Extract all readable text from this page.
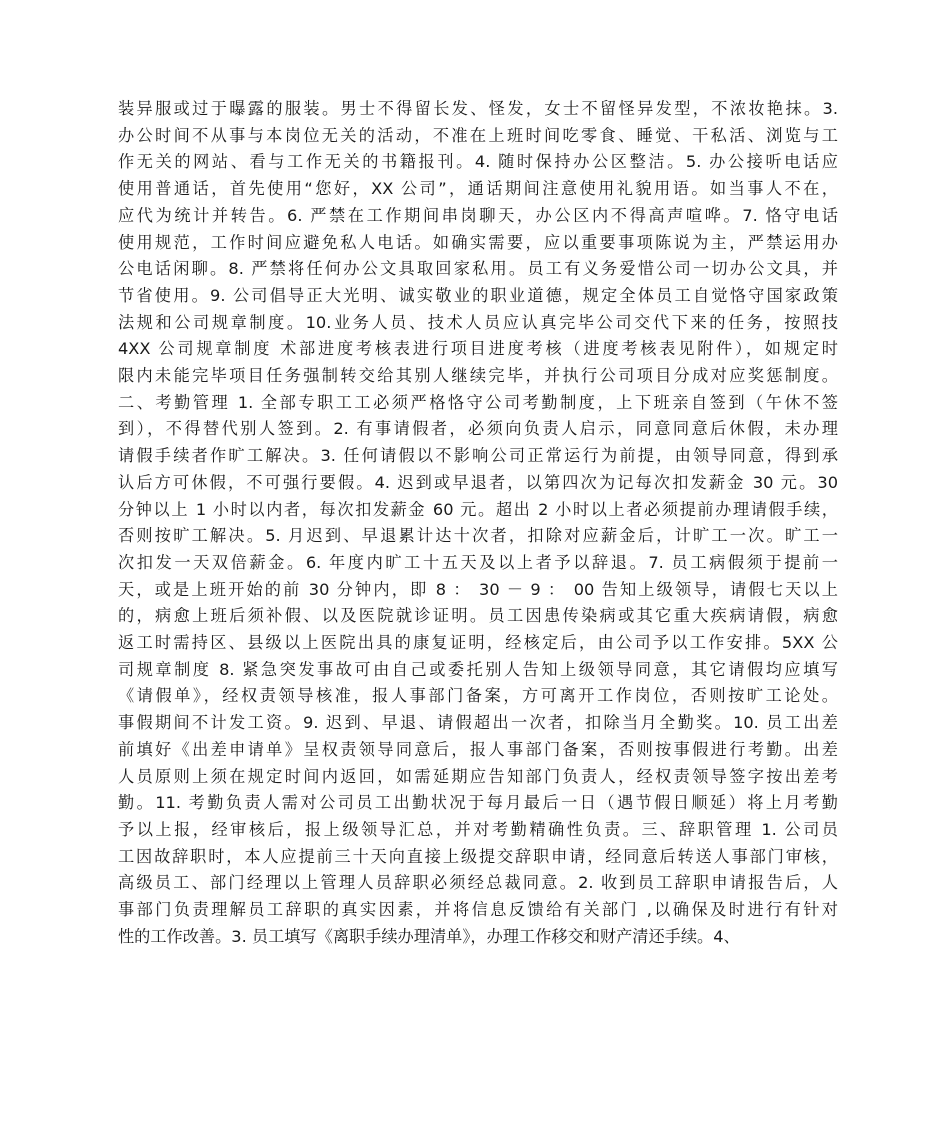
装异服或过于曝露的服装。男士不得留长发、怪发，女士不留怪异发型，不浓妆艳抹。3.
办公时间不从事与本岗位无关的活动，不准在上班时间吃零食、睡觉、干私活、浏览与工
作无关的网站、看与工作无关的书籍报刊。4. 随时保持办公区整洁。5. 办公接听电话应
使用普通话，首先使用“您好，XX 公司”，通话期间注意使用礼貌用语。如当事人不在，
应代为统计并转告。6. 严禁在工作期间串岗聊天，办公区内不得高声喧哗。7. 恪守电话
使用规范，工作时间应避免私人电话。如确实需要，应以重要事项陈说为主，严禁运用办
公电话闲聊。8. 严禁将任何办公文具取回家私用。员工有义务爱惜公司一切办公文具，并
节省使用。9. 公司倡导正大光明、诚实敬业的职业道德，规定全体员工自觉恪守国家政策
法规和公司规章制度。10.业务人员、技术人员应认真完毕公司交代下来的任务，按照技
4XX 公司规章制度 术部进度考核表进行项目进度考核（进度考核表见附件），如规定时
限内未能完毕项目任务强制转交给其别人继续完毕，并执行公司项目分成对应奖惩制度。
二、考勤管理 1. 全部专职工工必须严格恪守公司考勤制度，上下班亲自签到（午休不签
到），不得替代别人签到。2. 有事请假者，必须向负责人启示，同意同意后休假，未办理
请假手续者作旷工解决。3. 任何请假以不影响公司正常运行为前提，由领导同意，得到承
认后方可休假，不可强行要假。4. 迟到或早退者，以第四次为记每次扣发薪金 30 元。30
分钟以上 1 小时以内者，每次扣发薪金 60 元。超出 2 小时以上者必须提前办理请假手续，
否则按旷工解决。5. 月迟到、早退累计达十次者，扣除对应薪金后，计旷工一次。旷工一
次扣发一天双倍薪金。6. 年度内旷工十五天及以上者予以辞退。7. 员工病假须于提前一
天，或是上班开始的前 30 分钟内，即 8 ： 30 － 9 ： 00 告知上级领导，请假七天以上
的，病愈上班后须补假、以及医院就诊证明。员工因患传染病或其它重大疾病请假，病愈
返工时需持区、县级以上医院出具的康复证明，经核定后，由公司予以工作安排。5XX 公
司规章制度 8. 紧急突发事故可由自己或委托别人告知上级领导同意，其它请假均应填写
《请假单》，经权责领导核准，报人事部门备案，方可离开工作岗位，否则按旷工论处。
事假期间不计发工资。9. 迟到、早退、请假超出一次者，扣除当月全勤奖。10. 员工出差
前填好《出差申请单》呈权责领导同意后，报人事部门备案，否则按事假进行考勤。出差
人员原则上须在规定时间内返回，如需延期应告知部门负责人，经权责领导签字按出差考
勤。11. 考勤负责人需对公司员工出勤状况于每月最后一日（遇节假日顺延）将上月考勤
予以上报，经审核后，报上级领导汇总，并对考勤精确性负责。三、辞职管理 1. 公司员
工因故辞职时，本人应提前三十天向直接上级提交辞职申请，经同意后转送人事部门审核，
高级员工、部门经理以上管理人员辞职必须经总裁同意。2. 收到员工辞职申请报告后，人
事部门负责理解员工辞职的真实因素，并将信息反馈给有关部门 ,以确保及时进行有针对
性的工作改善。3. 员工填写《离职手续办理清单》，办理工作移交和财产清还手续。4、
